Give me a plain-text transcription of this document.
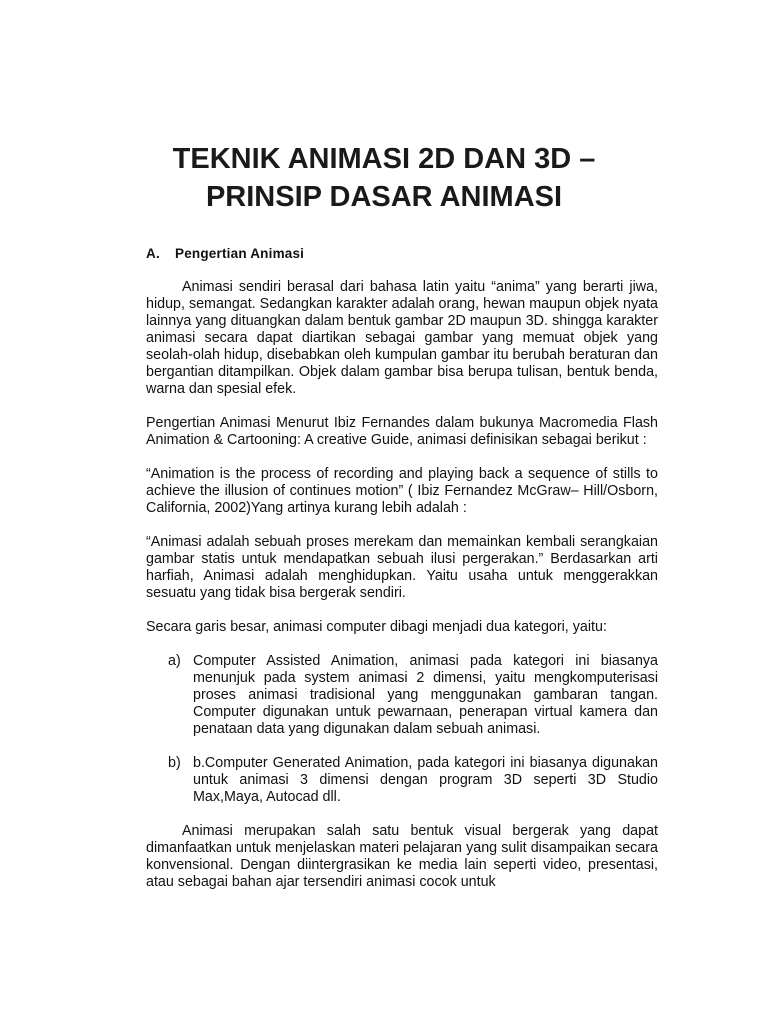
TEKNIK ANIMASI 2D DAN 3D –
PRINSIP DASAR ANIMASI
A. Pengertian Animasi

Animasi sendiri berasal dari bahasa latin yaitu “anima” yang berarti jiwa, hidup, semangat. Sedangkan karakter adalah orang, hewan maupun objek nyata lainnya yang dituangkan dalam bentuk gambar 2D maupun 3D. shingga karakter animasi secara dapat diartikan sebagai gambar yang memuat objek yang seolah-olah hidup, disebabkan oleh kumpulan gambar itu berubah beraturan dan bergantian ditampilkan. Objek dalam gambar bisa berupa tulisan, bentuk benda, warna dan spesial efek.

Pengertian Animasi Menurut Ibiz Fernandes dalam bukunya Macromedia Flash Animation & Cartooning: A creative Guide, animasi definisikan sebagai berikut :

“Animation is the process of recording and playing back a sequence of stills to achieve the illusion of continues motion” ( Ibiz Fernandez McGraw– Hill/Osborn, California, 2002)Yang artinya kurang lebih adalah :

“Animasi adalah sebuah proses merekam dan memainkan kembali serangkaian gambar statis untuk mendapatkan sebuah ilusi pergerakan.” Berdasarkan arti harfiah, Animasi adalah menghidupkan. Yaitu usaha untuk menggerakkan sesuatu yang tidak bisa bergerak sendiri.

Secara garis besar, animasi computer dibagi menjadi dua kategori, yaitu:

a) Computer Assisted Animation, animasi pada kategori ini biasanya menunjuk pada system animasi 2 dimensi, yaitu mengkomputerisasi proses animasi tradisional yang menggunakan gambaran tangan. Computer digunakan untuk pewarnaan, penerapan virtual kamera dan penataan data yang digunakan dalam sebuah animasi.
b) b.Computer Generated Animation, pada kategori ini biasanya digunakan untuk animasi 3 dimensi dengan program 3D seperti 3D Studio Max,Maya, Autocad dll.

Animasi merupakan salah satu bentuk visual bergerak yang dapat dimanfaatkan untuk menjelaskan materi pelajaran yang sulit disampaikan secara konvensional. Dengan diintergrasikan ke media lain seperti video, presentasi, atau sebagai bahan ajar tersendiri animasi cocok untuk
